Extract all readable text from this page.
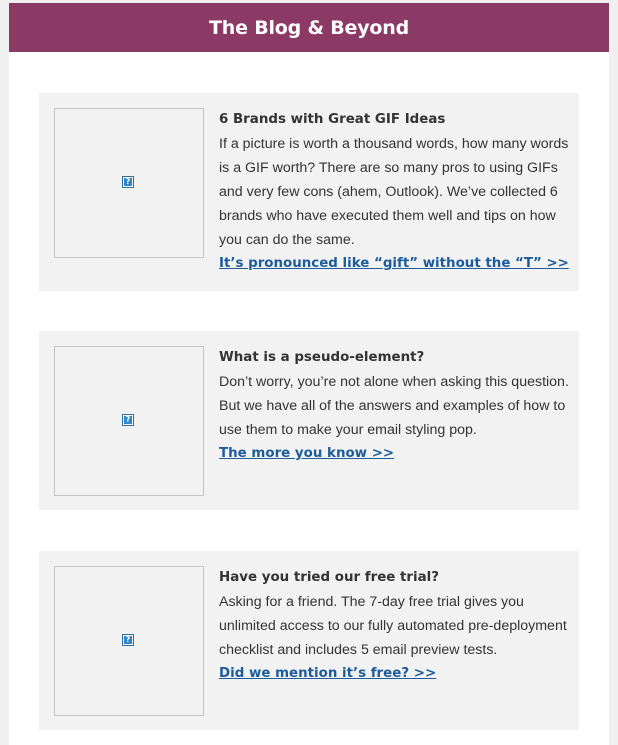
The Blog & Beyond
?
6 Brands with Great GIF Ideas
If a picture is worth a thousand words, how many words is a GIF worth? There are so many pros to using GIFs and very few cons (ahem, Outlook). We’ve collected 6 brands who have executed them well and tips on how you can do the same.
It’s pronounced like “gift” without the “T” >>
?
What is a pseudo-element?
Don’t worry, you’re not alone when asking this question. But we have all of the answers and examples of how to use them to make your email styling pop.
The more you know >>
?
Have you tried our free trial?
Asking for a friend. The 7-day free trial gives you unlimited access to our fully automated pre-deployment checklist and includes 5 email preview tests.
Did we mention it’s free? >>
